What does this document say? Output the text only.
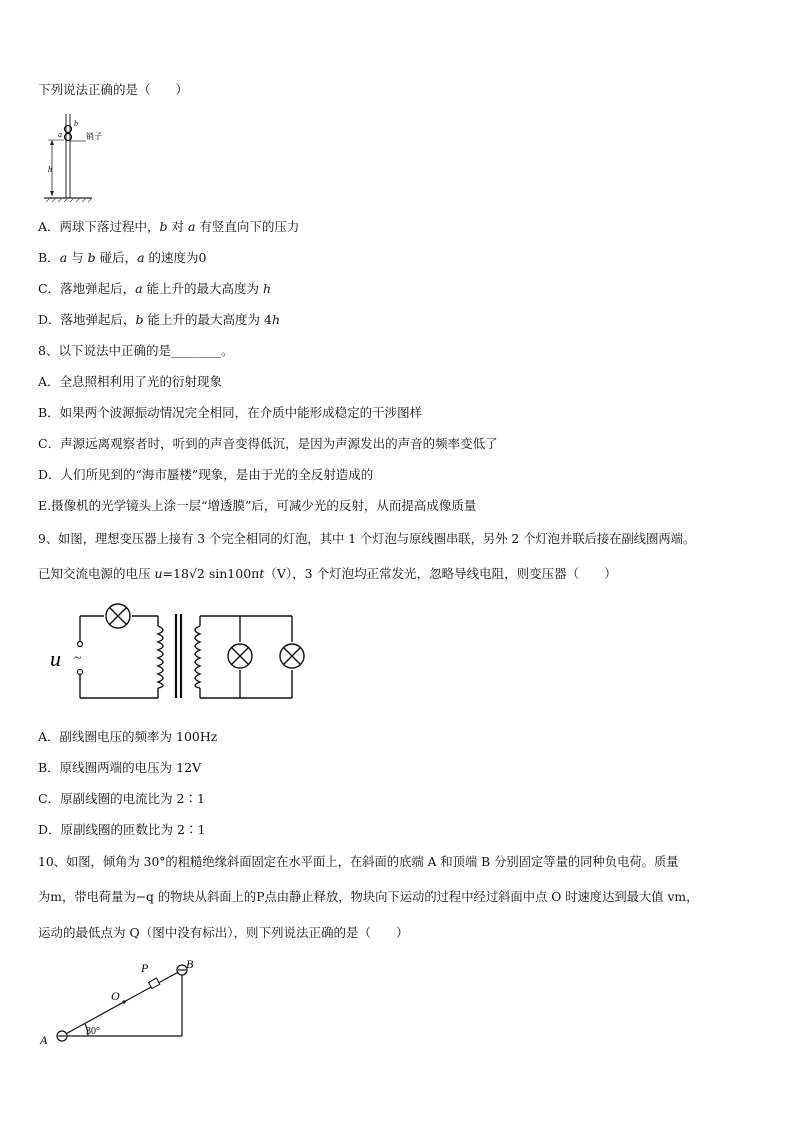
下列说法正确的是（　　）
a
b
销子
h
A．两球下落过程中，b 对 a 有竖直向下的压力
B．a 与 b 碰后，a 的速度为0
C．落地弹起后，a 能上升的最大高度为 h
D．落地弹起后，b 能上升的最大高度为 4h
8、以下说法中正确的是________。
A．全息照相利用了光的衍射现象
B．如果两个波源振动情况完全相同，在介质中能形成稳定的干涉图样
C．声源远离观察者时，听到的声音变得低沉，是因为声源发出的声音的频率变低了
D．人们所见到的“海市蜃楼”现象，是由于光的全反射造成的
E.摄像机的光学镜头上涂一层“增透膜”后，可减少光的反射，从而提高成像质量
9、如图，理想变压器上接有 3 个完全相同的灯泡，其中 1 个灯泡与原线圈串联，另外 2 个灯泡并联后接在副线圈两端。
已知交流电源的电压 u=18√2 sin100πt（V），3 个灯泡均正常发光，忽略导线电阻，则变压器（　　）
u ~
A．副线圈电压的频率为 100Hz
B．原线圈两端的电压为 12V
C．原副线圈的电流比为 2∶1
D．原副线圈的匝数比为 2∶1
10、如图，倾角为 30°的粗糙绝缘斜面固定在水平面上，在斜面的底端 A 和顶端 B 分别固定等量的同种负电荷。质量
为m，带电荷量为−q 的物块从斜面上的P点由静止释放，物块向下运动的过程中经过斜面中点 O 时速度达到最大值 vm，
运动的最低点为 Q（图中没有标出），则下列说法正确的是（　　）
A
B
P
O
30°
